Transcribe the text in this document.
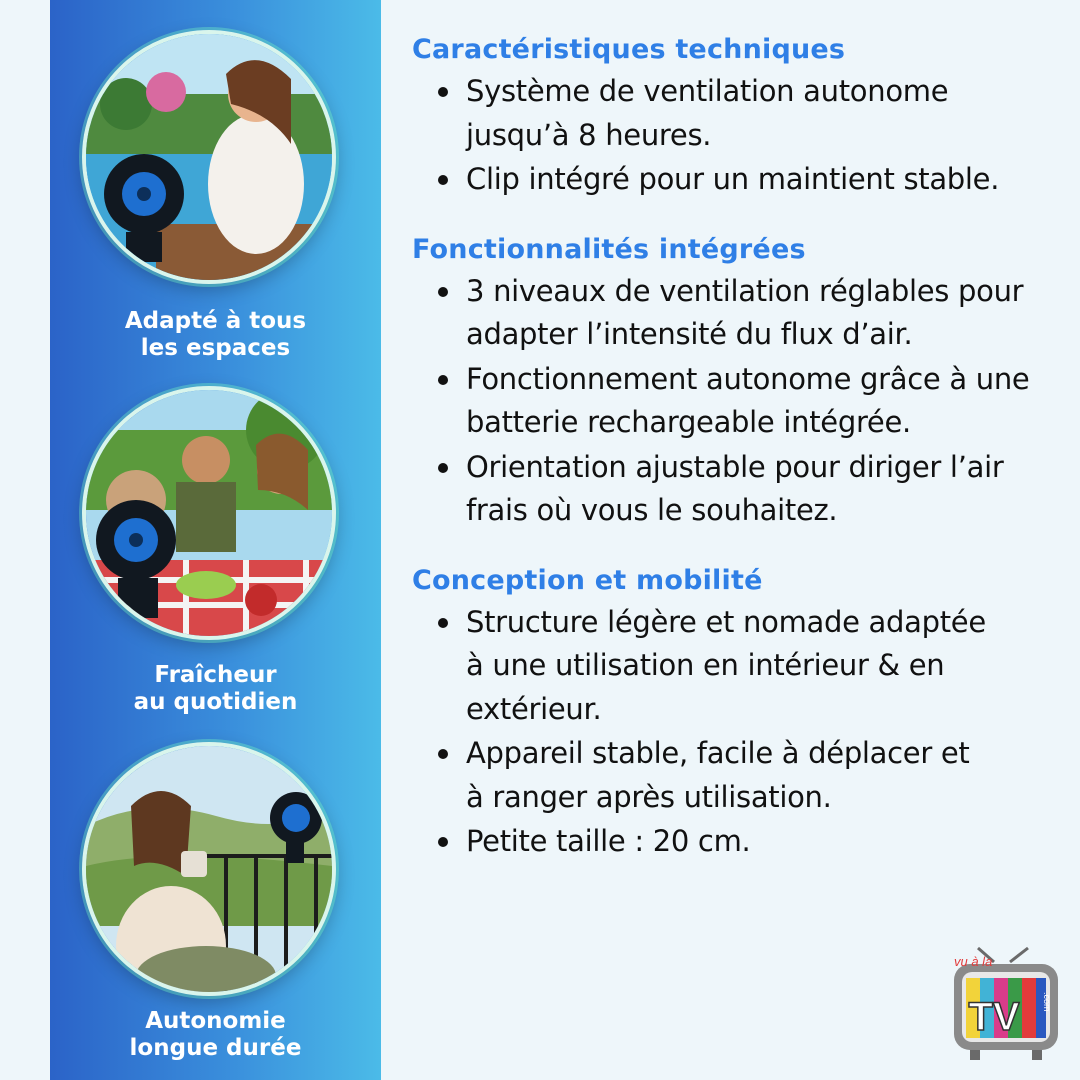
Adapté à tous
les espaces
Fraîcheur
au quotidien
Autonomie
longue durée
Caractéristiques techniques
Système de ventilation autonome jusqu’à 8 heures.
Clip intégré pour un maintient stable.
Fonctionnalités intégrées
3 niveaux de ventilation réglables pour adapter l’intensité du flux d’air.
Fonctionnement autonome grâce à une batterie rechargeable intégrée.
Orientation ajustable pour diriger l’air frais où vous le souhaitez.
Conception et mobilité
Structure légère et nomade adaptée à une utilisation en intérieur & en extérieur.
Appareil stable, facile à déplacer et à ranger après utilisation.
Petite taille : 20 cm.
TV .com
vu à la
